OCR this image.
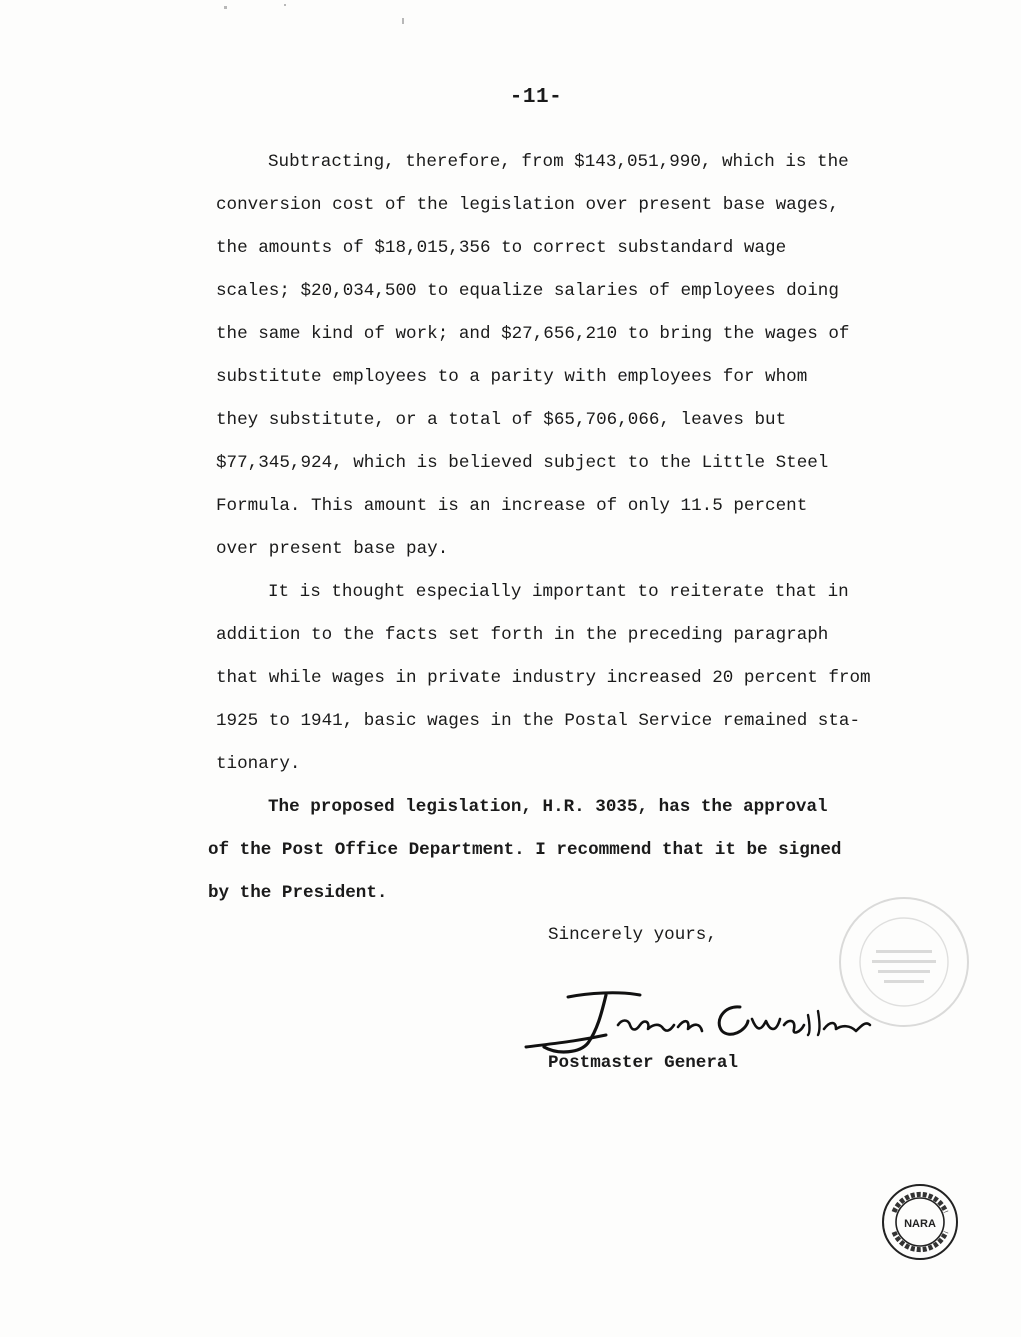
-11-
Subtracting, therefore, from $143,051,990, which is the
conversion cost of the legislation over present base wages,
the amounts of $18,015,356 to correct substandard wage
scales; $20,034,500 to equalize salaries of employees doing
the same kind of work; and $27,656,210 to bring the wages of
substitute employees to a parity with employees for whom
they substitute, or a total of $65,706,066, leaves but
$77,345,924, which is believed subject to the Little Steel
Formula. This amount is an increase of only 11.5 percent
over present base pay.
It is thought especially important to reiterate that in
addition to the facts set forth in the preceding paragraph
that while wages in private industry increased 20 percent from
1925 to 1941, basic wages in the Postal Service remained sta-
tionary.
The proposed legislation, H.R. 3035, has the approval
of the Post Office Department. I recommend that it be signed
by the President.
Sincerely yours,
Postmaster General
NARA
